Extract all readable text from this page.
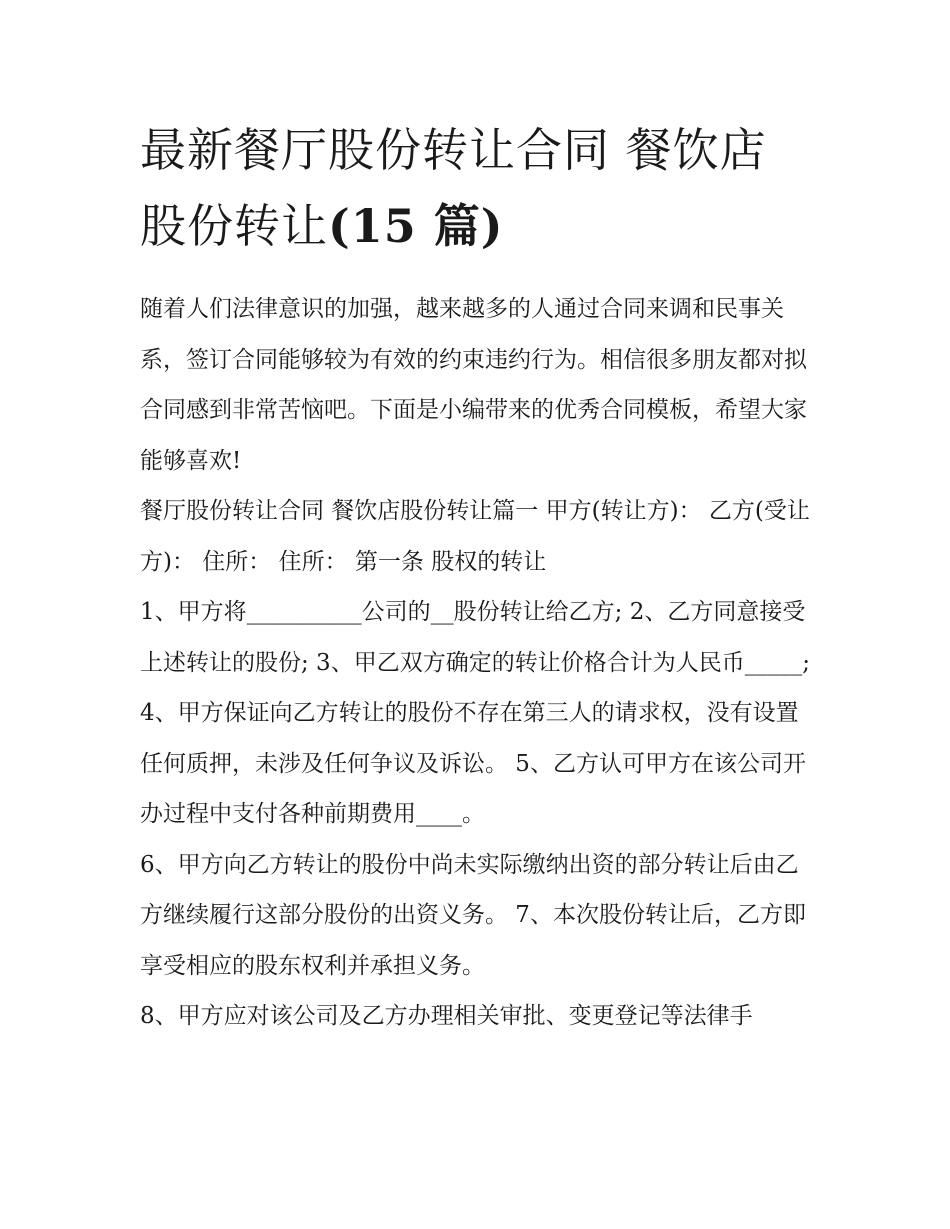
最新餐厅股份转让合同 餐饮店
股份转让(15 篇)

随着人们法律意识的加强，越来越多的人通过合同来调和民事关系，签订合同能够较为有效的约束违约行为。相信很多朋友都对拟合同感到非常苦恼吧。下面是小编带来的优秀合同模板，希望大家能够喜欢!

餐厅股份转让合同 餐饮店股份转让篇一 甲方(转让方)： 乙方(受让方)： 住所： 住所： 第一条 股权的转让

1、甲方将__________公司的__股份转让给乙方; 2、乙方同意接受上述转让的股份; 3、甲乙双方确定的转让价格合计为人民币_____;

4、甲方保证向乙方转让的股份不存在第三人的请求权，没有设置任何质押，未涉及任何争议及诉讼。 5、乙方认可甲方在该公司开办过程中支付各种前期费用____。

6、甲方向乙方转让的股份中尚未实际缴纳出资的部分转让后由乙方继续履行这部分股份的出资义务。 7、本次股份转让后，乙方即享受相应的股东权利并承担义务。

8、甲方应对该公司及乙方办理相关审批、变更登记等法律手
